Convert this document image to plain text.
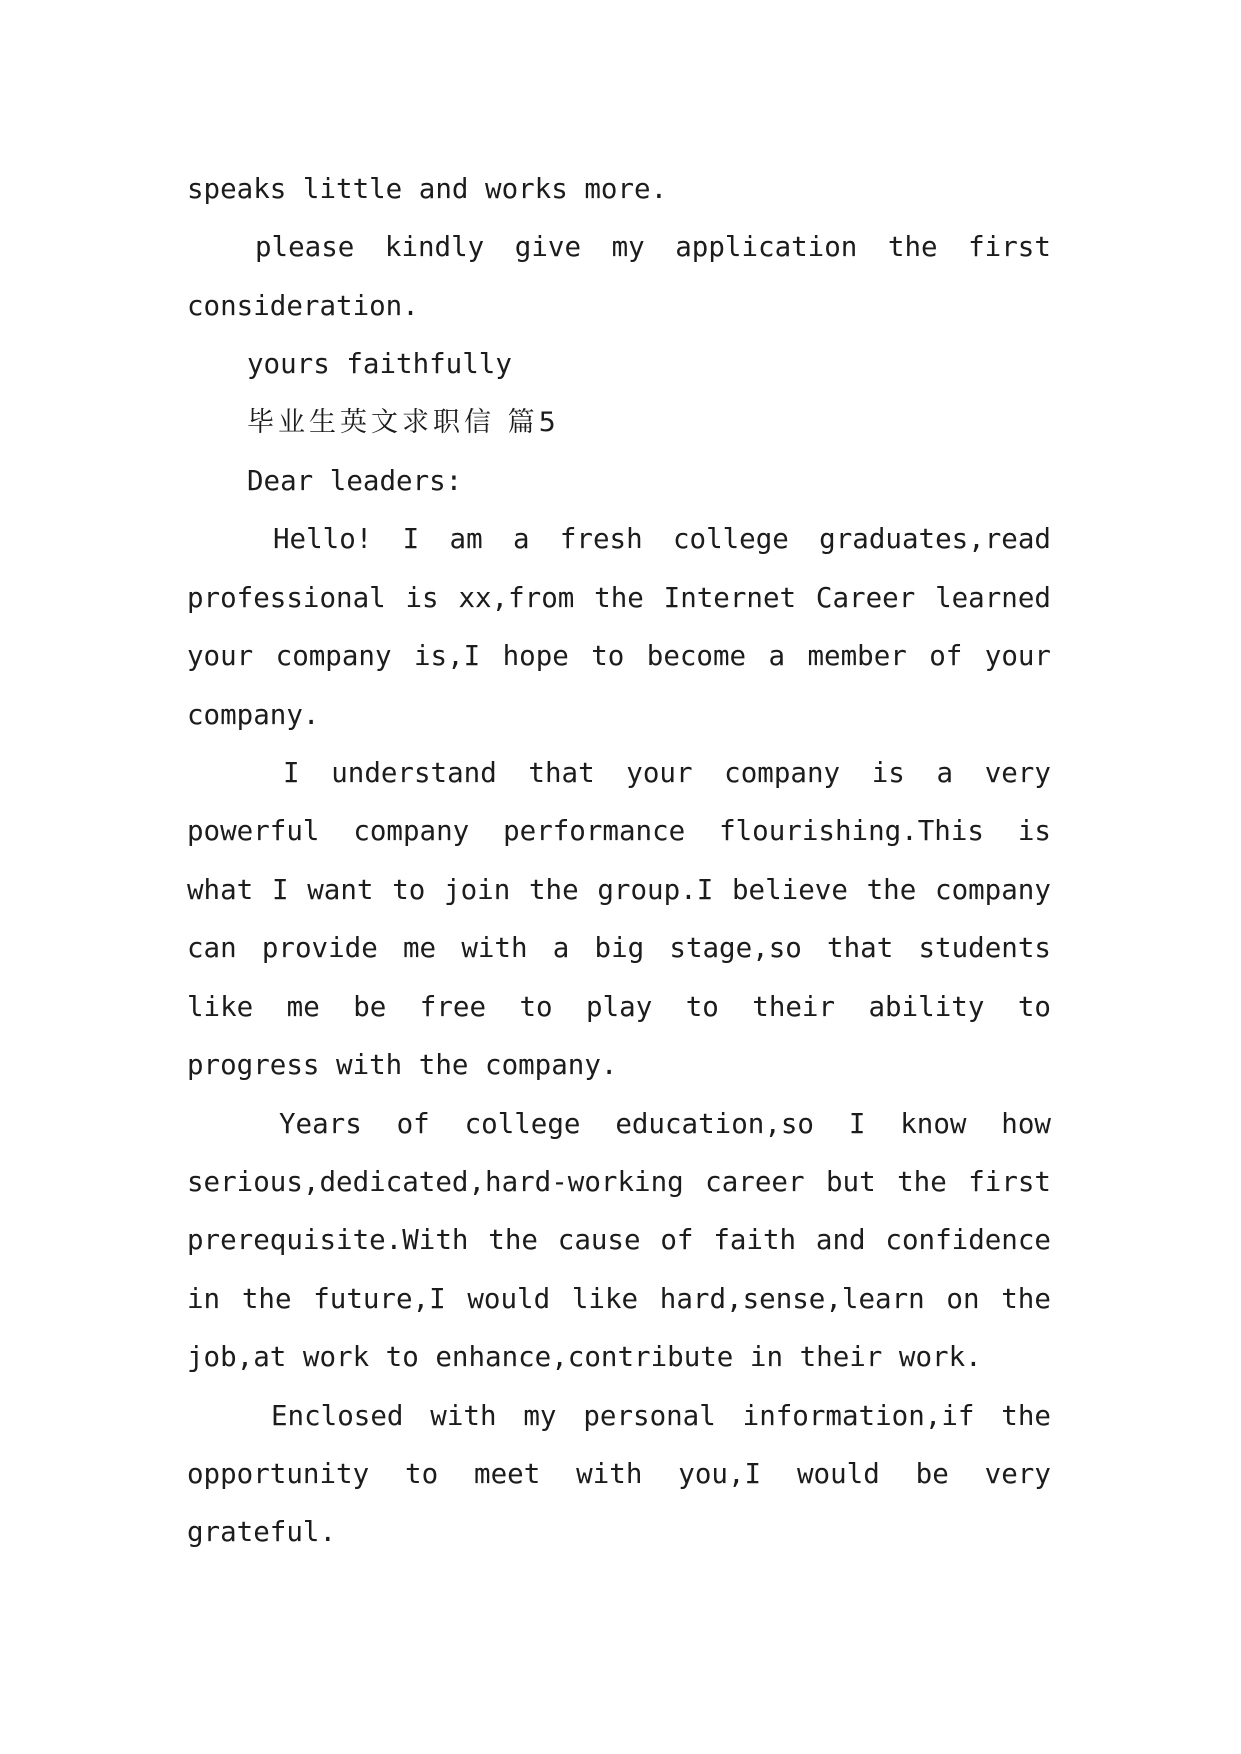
speaks little and works more.

please kindly give my application the first

consideration.

yours faithfully

毕业生英文求职信 篇5

Dear leaders:

Hello! I am a fresh college graduates,read

professional is xx,from the Internet Career learned

your company is,I hope to become a member of your

company.

I understand that your company is a very

powerful company performance flourishing.This is

what I want to join the group.I believe the company

can provide me with a big stage,so that students

like me be free to play to their ability to

progress with the company.

Years of college education,so I know how

serious,dedicated,hard-working career but the first

prerequisite.With the cause of faith and confidence

in the future,I would like hard,sense,learn on the

job,at work to enhance,contribute in their work.

Enclosed with my personal information,if the

opportunity to meet with you,I would be very

grateful.
